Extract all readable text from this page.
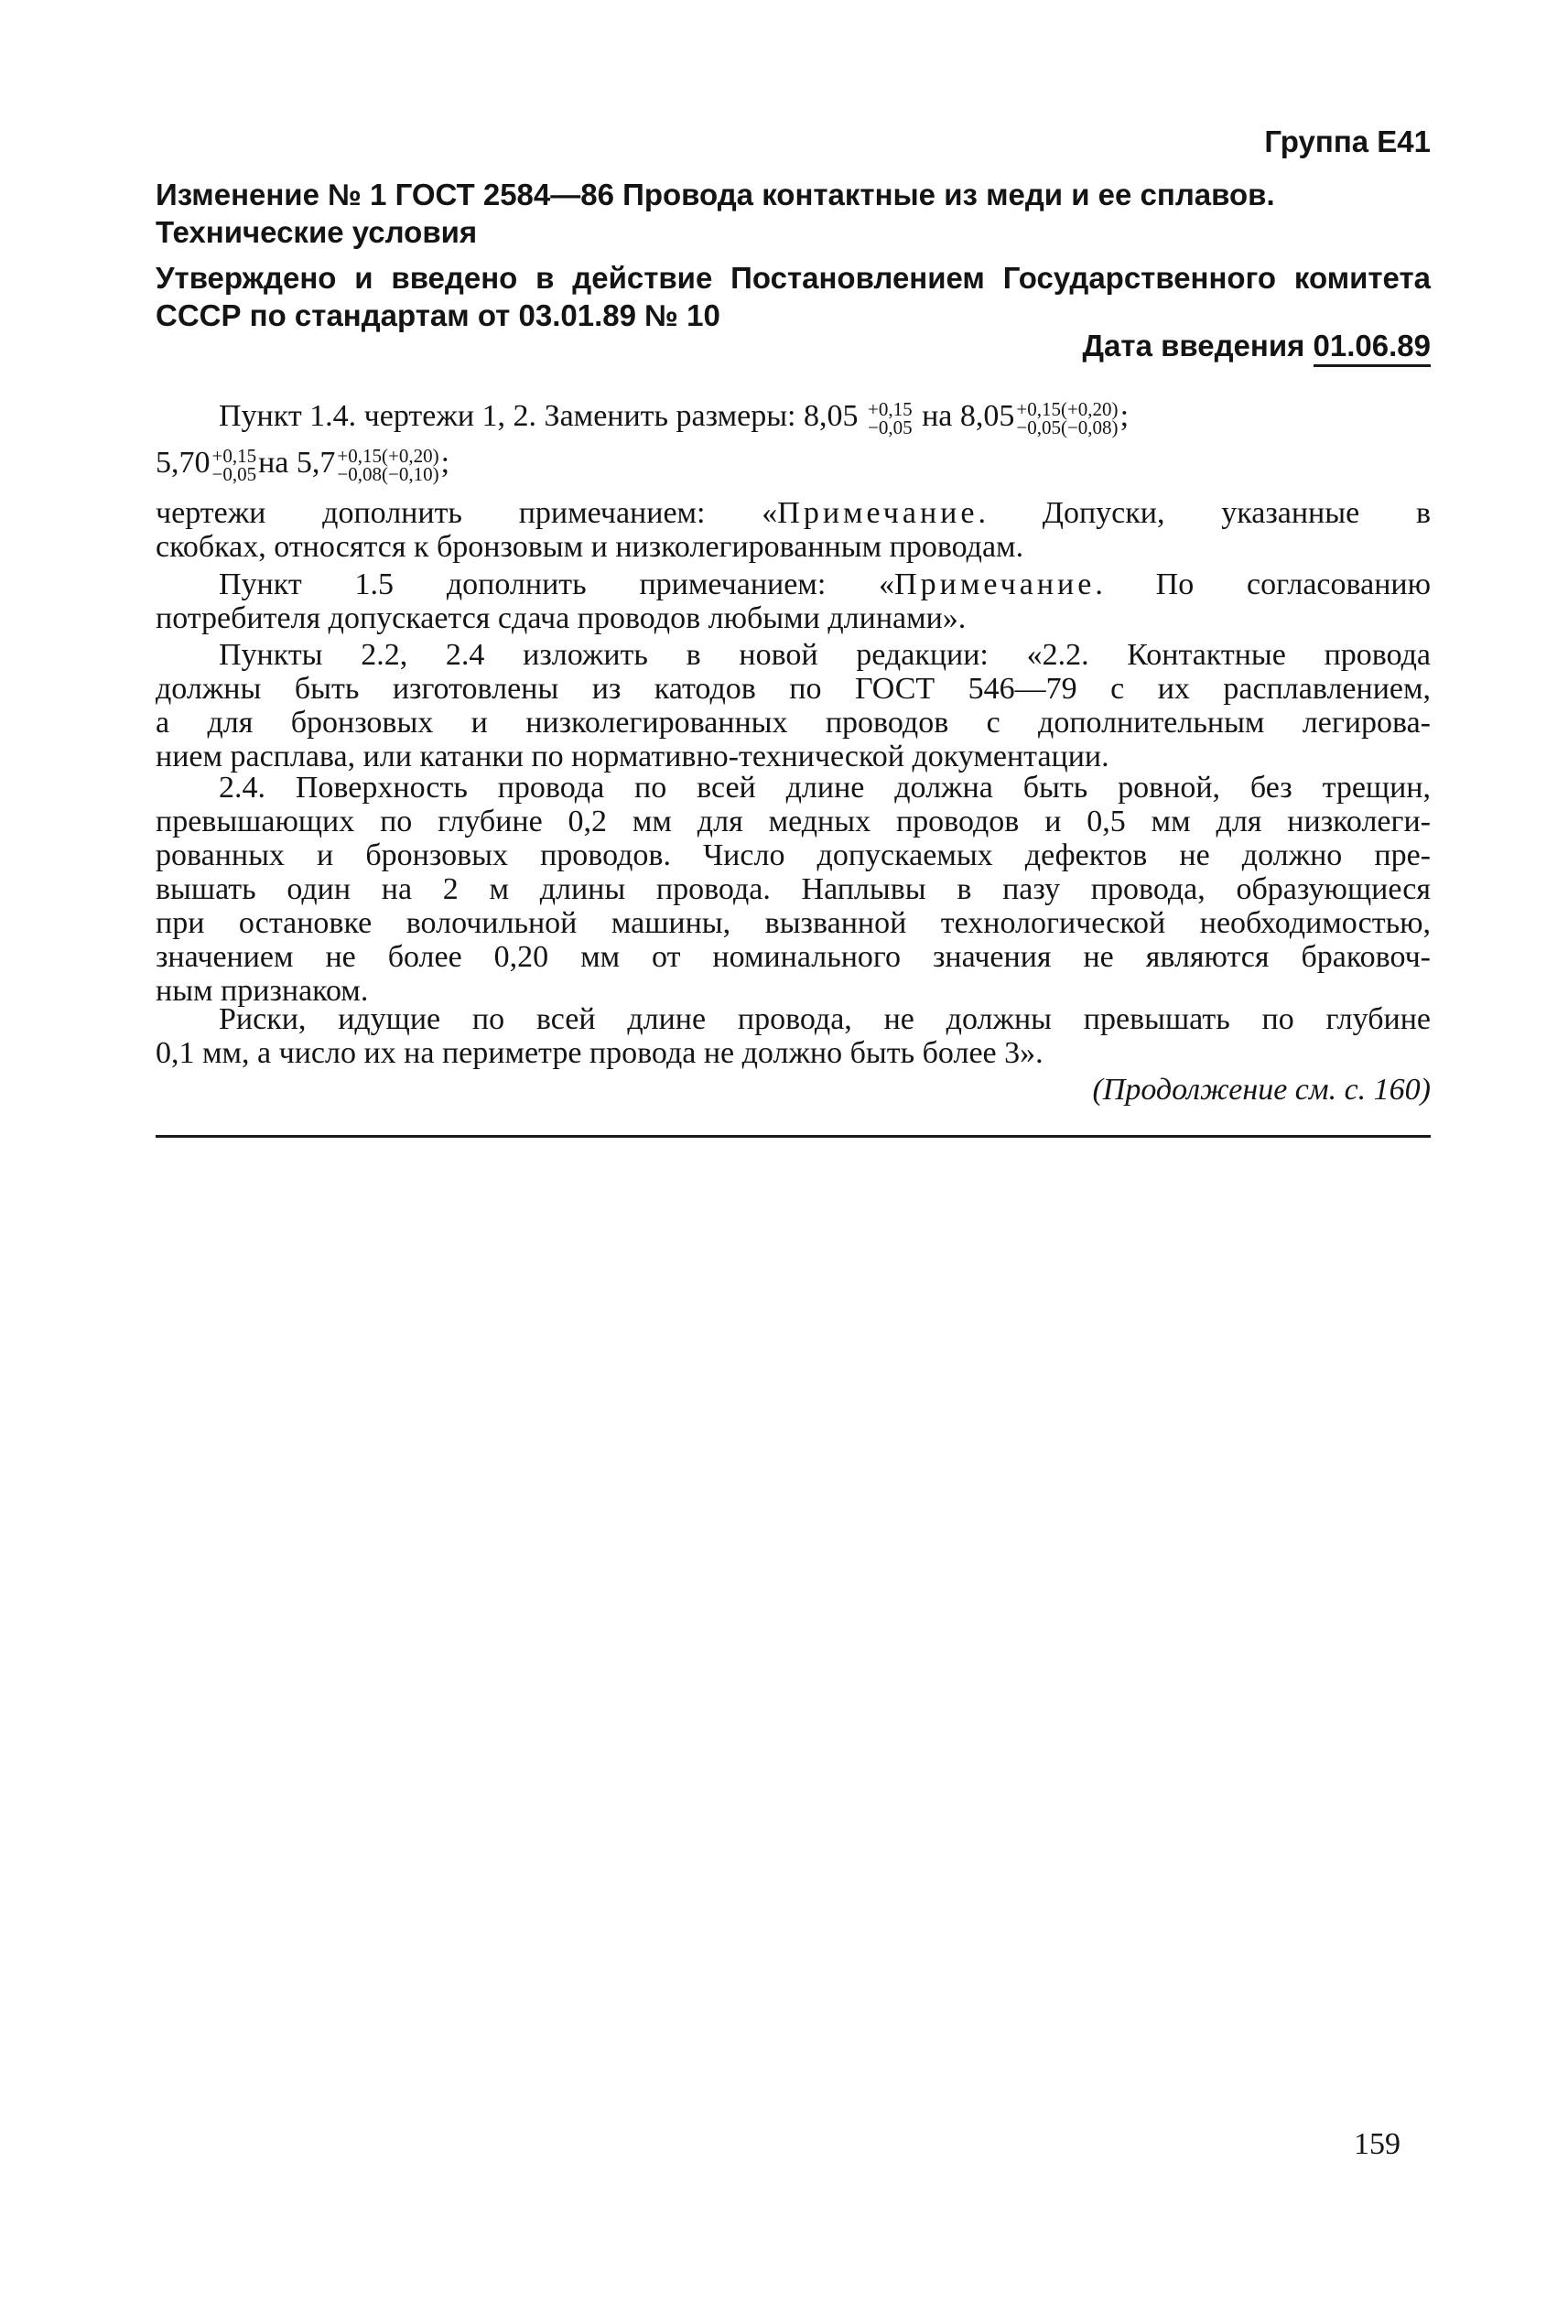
Группа Е41
Изменение № 1 ГОСТ 2584—86 Провода контактные из меди и ее сплавов.
Технические условия
Утверждено и введено в действие Постановлением Государственного комитета
СССР по стандартам от 03.01.89 № 10
Дата введения 01.06.89
Пункт 1.4. чертежи 1, 2. Заменить размеры: 8,05 +0,15
−0,05 на 8,05 +0,15(+0,20)
−0,05(−0,08) ;
5,70 +0,15
−0,05 на 5,7 +0,15(+0,20)
−0,08(−0,10) ;
чертежи дополнить примечанием: «Примечание. Допуски, указанные в
скобках, относятся к бронзовым и низколегированным проводам.
Пункт 1.5 дополнить примечанием: «Примечание. По согласованию
потребителя допускается сдача проводов любыми длинами».
Пункты 2.2, 2.4 изложить в новой редакции: «2.2. Контактные провода
должны быть изготовлены из катодов по ГОСТ 546—79 с их расплавлением,
а для бронзовых и низколегированных проводов с дополнительным легирова-
нием расплава, или катанки по нормативно-технической документации.
2.4. Поверхность провода по всей длине должна быть ровной, без трещин,
превышающих по глубине 0,2 мм для медных проводов и 0,5 мм для низколеги-
рованных и бронзовых проводов. Число допускаемых дефектов не должно пре-
вышать один на 2 м длины провода. Наплывы в пазу провода, образующиеся
при остановке волочильной машины, вызванной технологической необходимостью,
значением не более 0,20 мм от номинального значения не являются браковоч-
ным признаком.
Риски, идущие по всей длине провода, не должны превышать по глубине
0,1 мм, а число их на периметре провода не должно быть более 3».
(Продолжение см. с. 160)
159
